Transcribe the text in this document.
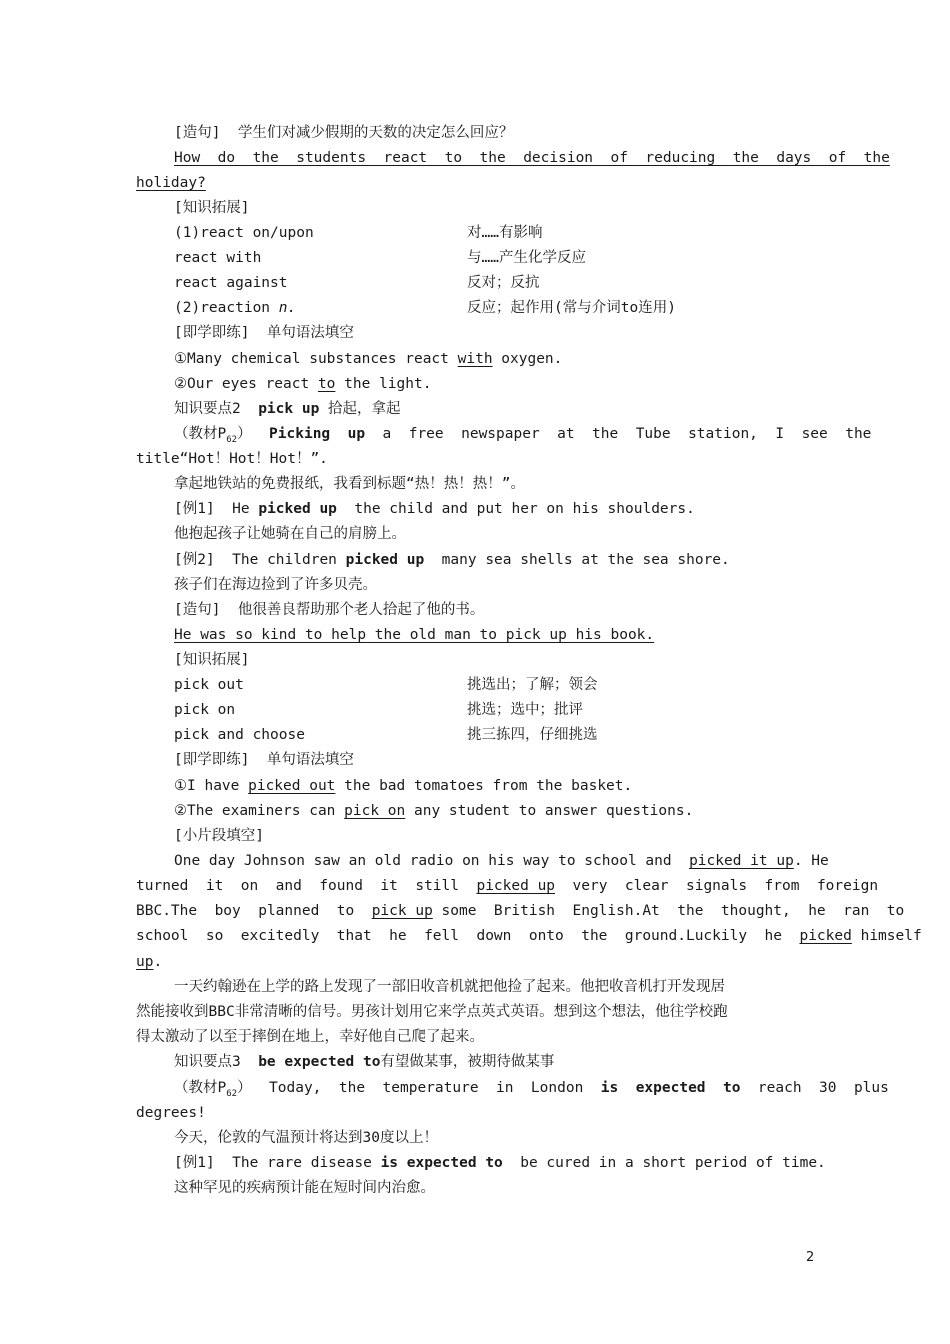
[造句]  学生们对减少假期的天数的决定怎么回应？
How  do  the  students  react  to  the  decision  of  reducing  the  days  of  the
holiday?
[知识拓展]
(1)react on/upon	对……有影响
react with	与……产生化学反应
react against	反对；反抗
(2)reaction n.	反应；起作用(常与介词to连用)
[即学即练]  单句语法填空
①Many chemical substances react with oxygen.
②Our eyes react to the light.
知识要点2  pick up 拾起，拿起
（教材$P_{62}$）  Picking  up  a  free  newspaper  at  the  Tube  station,  I  see  the
title“Hot！Hot！Hot！”.
拿起地铁站的免费报纸，我看到标题“热！热！热！”。
[例1]  He picked up  the child and put her on his shoulders.
他抱起孩子让她骑在自己的肩膀上。
[例2]  The children picked up  many sea shells at the sea shore.
孩子们在海边捡到了许多贝壳。
[造句]  他很善良帮助那个老人拾起了他的书。
He was so kind to help the old man to pick up his book.
[知识拓展]
pick out	挑选出；了解；领会
pick on	挑选；选中；批评
pick and choose	挑三拣四，仔细挑选
[即学即练]  单句语法填空
①I have picked out the bad tomatoes from the basket.
②The examiners can pick on any student to answer questions.
[小片段填空]
One day Johnson saw an old radio on his way to school and  picked it up. He
turned  it  on  and  found  it  still  picked up  very  clear  signals  from  foreign
BBC.The  boy  planned  to  pick up some  British  English.At  the  thought,  he  ran  to
school  so  excitedly  that  he  fell  down  onto  the  ground.Luckily  he  picked himself
up.
一天约翰逊在上学的路上发现了一部旧收音机就把他捡了起来。他把收音机打开发现居
然能接收到BBC非常清晰的信号。男孩计划用它来学点英式英语。想到这个想法，他往学校跑
得太激动了以至于摔倒在地上，幸好他自己爬了起来。
知识要点3  be expected to有望做某事，被期待做某事
（教材$P_{62}$）  Today,  the  temperature  in  London  is  expected  to  reach  30  plus
degrees!
今天，伦敦的气温预计将达到30度以上！
[例1]  The rare disease is expected to  be cured in a short period of time.
这种罕见的疾病预计能在短时间内治愈。
2
